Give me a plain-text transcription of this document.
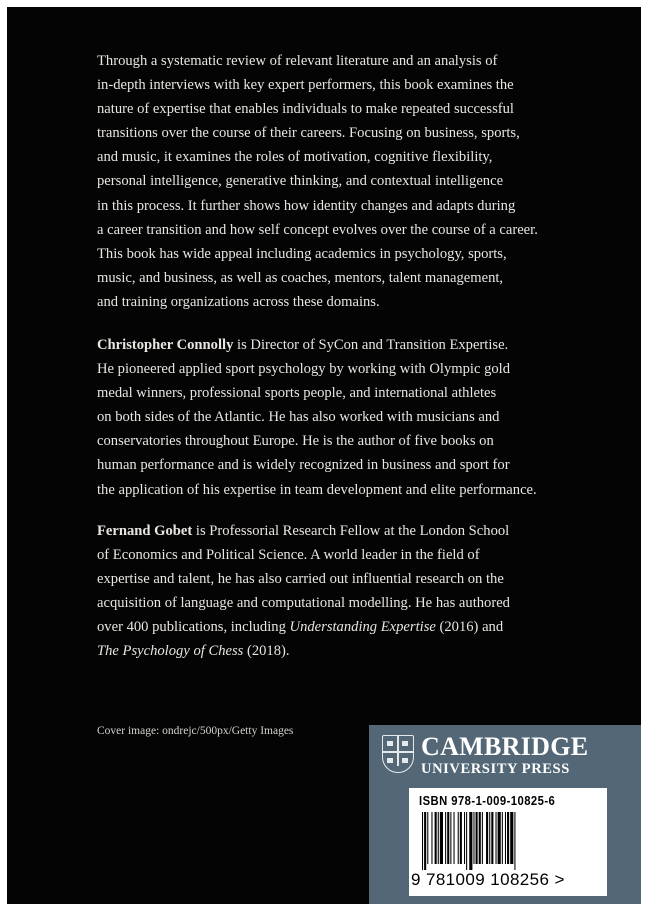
Through a systematic review of relevant literature and an analysis of
in-depth interviews with key expert performers, this book examines the
nature of expertise that enables individuals to make repeated successful
transitions over the course of their careers. Focusing on business, sports,
and music, it examines the roles of motivation, cognitive flexibility,
personal intelligence, generative thinking, and contextual intelligence
in this process. It further shows how identity changes and adapts during
a career transition and how self concept evolves over the course of a career.
This book has wide appeal including academics in psychology, sports,
music, and business, as well as coaches, mentors, talent management,
and training organizations across these domains.

Christopher Connolly is Director of SyCon and Transition Expertise.
He pioneered applied sport psychology by working with Olympic gold
medal winners, professional sports people, and international athletes
on both sides of the Atlantic. He has also worked with musicians and
conservatories throughout Europe. He is the author of five books on
human performance and is widely recognized in business and sport for
the application of his expertise in team development and elite performance.

Fernand Gobet is Professorial Research Fellow at the London School
of Economics and Political Science. A world leader in the field of
expertise and talent, he has also carried out influential research on the
acquisition of language and computational modelling. He has authored
over 400 publications, including Understanding Expertise (2016) and
The Psychology of Chess (2018).

Cover image: ondrejc/500px/Getty Images
CAMBRIDGE
UNIVERSITY PRESS
ISBN 978-1-009-10825-6
9 781009 108256 >
